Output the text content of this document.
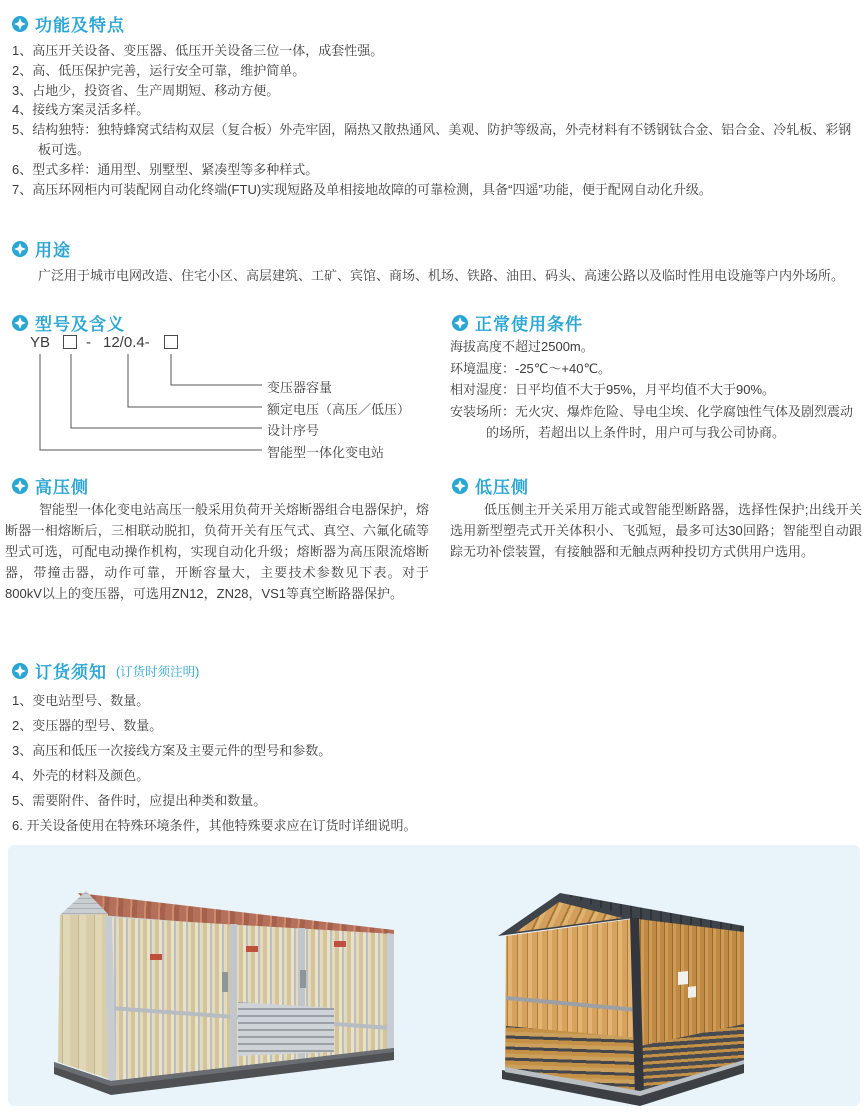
功能及特点
1、高压开关设备、变压器、低压开关设备三位一体，成套性强。
2、高、低压保护完善，运行安全可靠，维护简单。
3、占地少，投资省、生产周期短、移动方便。
4、接线方案灵活多样。
5、结构独特：独特蜂窝式结构双层（复合板）外壳牢固，隔热又散热通风、美观、防护等级高，外壳材料有不锈钢钛合金、铝合金、冷轧板、彩钢板可选。
6、型式多样：通用型、别墅型、紧凑型等多种样式。
7、高压环网柜内可装配网自动化终端(FTU)实现短路及单相接地故障的可靠检测，具备“四遥”功能，便于配网自动化升级。
用途
广泛用于城市电网改造、住宅小区、高层建筑、工矿、宾馆、商场、机场、铁路、油田、码头、高速公路以及临时性用电设施等户内外场所。
型号及含义
YB - 12/0.4-
变压器容量
额定电压（高压／低压）
设计序号
智能型一体化变电站
正常使用条件
海拔高度不超过2500m。
环境温度：-25℃～+40℃。
相对湿度：日平均值不大于95%，月平均值不大于90%。
安装场所：无火灾、爆炸危险、导电尘埃、化学腐蚀性气体及剧烈震动的场所，若超出以上条件时，用户可与我公司协商。
高压侧
智能型一体化变电站高压一般采用负荷开关熔断器组合电器保护，熔断器一相熔断后，三相联动脱扣，负荷开关有压气式、真空、六氟化硫等型式可选，可配电动操作机构，实现自动化升级；熔断器为高压限流熔断器，带撞击器，动作可靠，开断容量大，主要技术参数见下表。对于800kV以上的变压器，可选用ZN12，ZN28，VS1等真空断路器保护。
低压侧
低压侧主开关采用万能式或智能型断路器，选择性保护;出线开关选用新型塑壳式开关体积小、飞弧短，最多可达30回路；智能型自动跟踪无功补偿装置，有接触器和无触点两种投切方式供用户选用。
订货须知 (订货时须注明)
1、变电站型号、数量。
2、变压器的型号、数量。
3、高压和低压一次接线方案及主要元件的型号和参数。
4、外壳的材料及颜色。
5、需要附件、备件时，应提出种类和数量。
6. 开关设备使用在特殊环境条件，其他特殊要求应在订货时详细说明。
